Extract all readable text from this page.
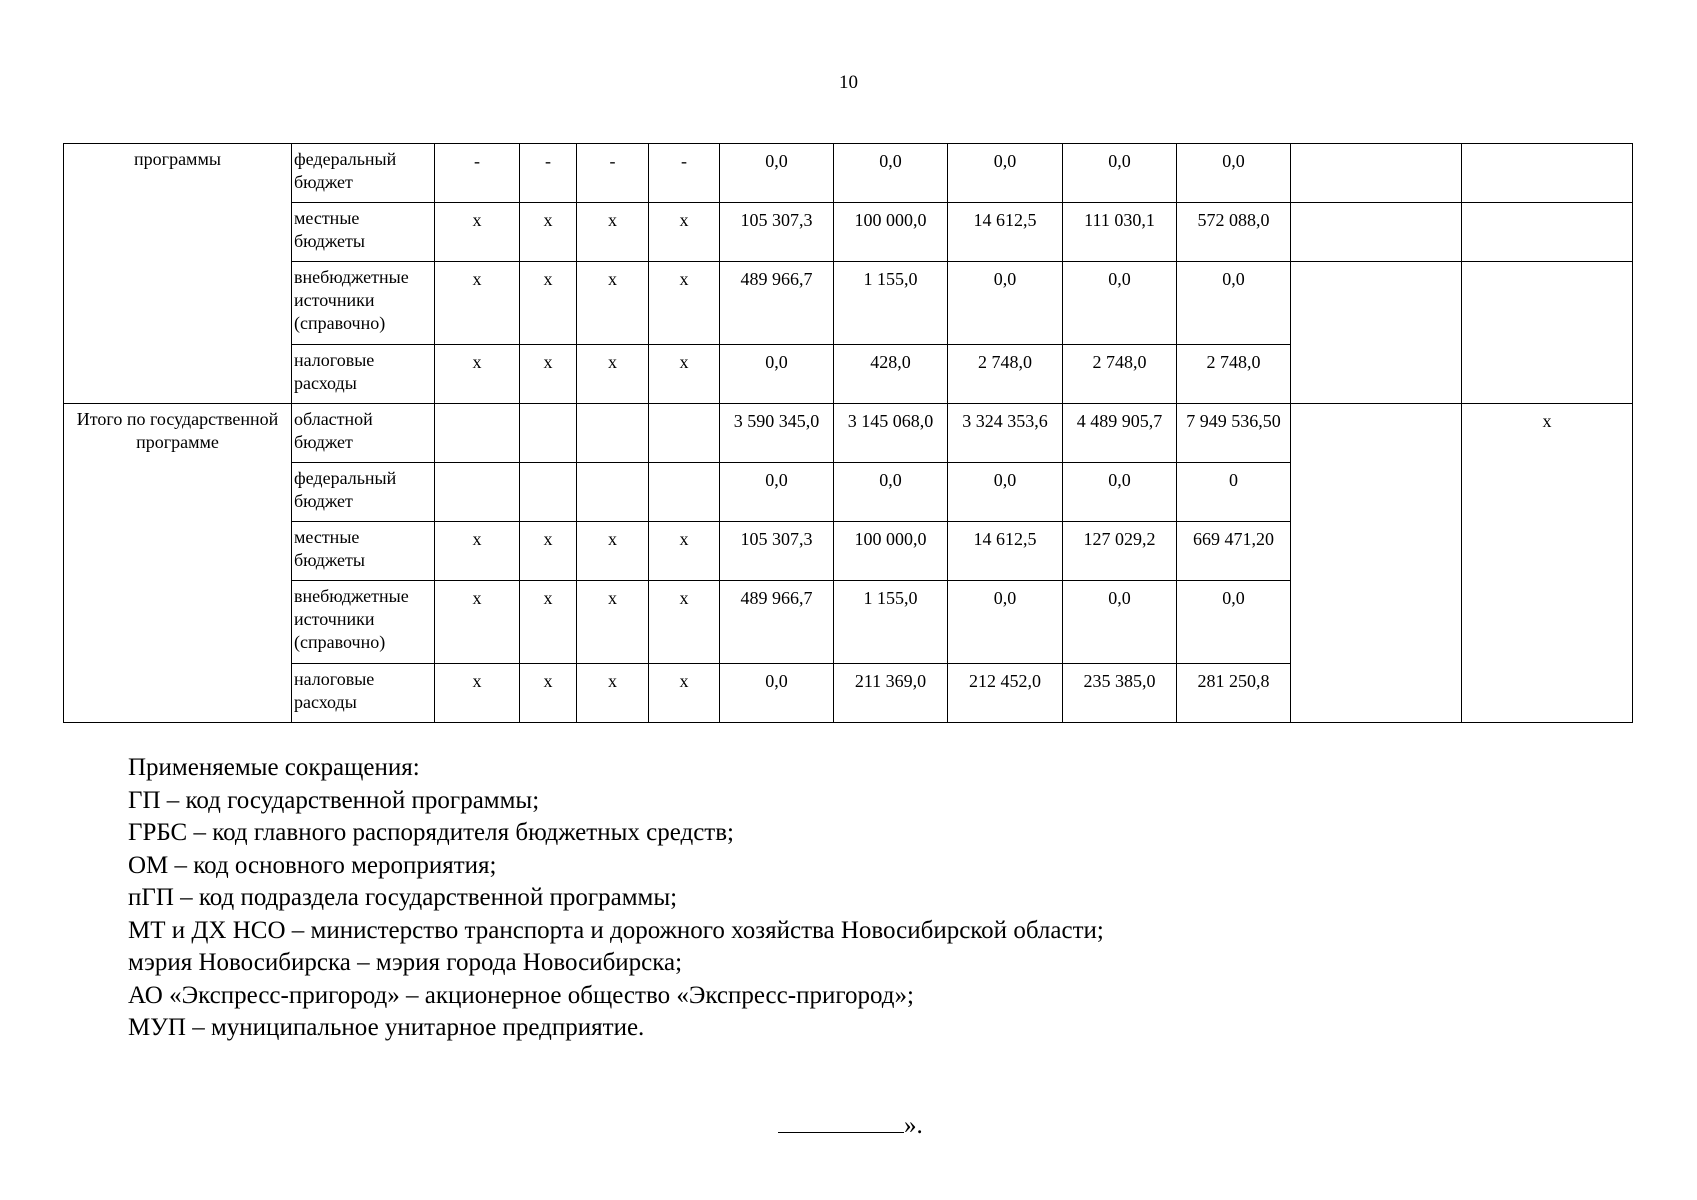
10
программы	федеральный бюджет	-	-	-	-	0,0	0,0	0,0	0,0	0,0		
	местные бюджеты	х	х	х	х	105 307,3	100 000,0	14 612,5	111 030,1	572 088,0		
	внебюджетные источники (справочно)	х	х	х	х	489 966,7	1 155,0	0,0	0,0	0,0		
	налоговые расходы	х	х	х	х	0,0	428,0	2 748,0	2 748,0	2 748,0		
Итого по государственной программе	областной бюджет					3 590 345,0	3 145 068,0	3 324 353,6	4 489 905,7	7 949 536,50		х
	федеральный бюджет					0,0	0,0	0,0	0,0	0		
	местные бюджеты	х	х	х	х	105 307,3	100 000,0	14 612,5	127 029,2	669 471,20		
	внебюджетные источники (справочно)	х	х	х	х	489 966,7	1 155,0	0,0	0,0	0,0		
	налоговые расходы	х	х	х	х	0,0	211 369,0	212 452,0	235 385,0	281 250,8		
Применяемые сокращения:
ГП – код государственной программы;
ГРБС – код главного распорядителя бюджетных средств;
ОМ – код основного мероприятия;
пГП – код подраздела государственной программы;
МТ и ДХ НСО – министерство транспорта и дорожного хозяйства Новосибирской области;
мэрия Новосибирска – мэрия города Новосибирска;
АО «Экспресс-пригород» – акционерное общество «Экспресс-пригород»;
МУП – муниципальное унитарное предприятие.
».
